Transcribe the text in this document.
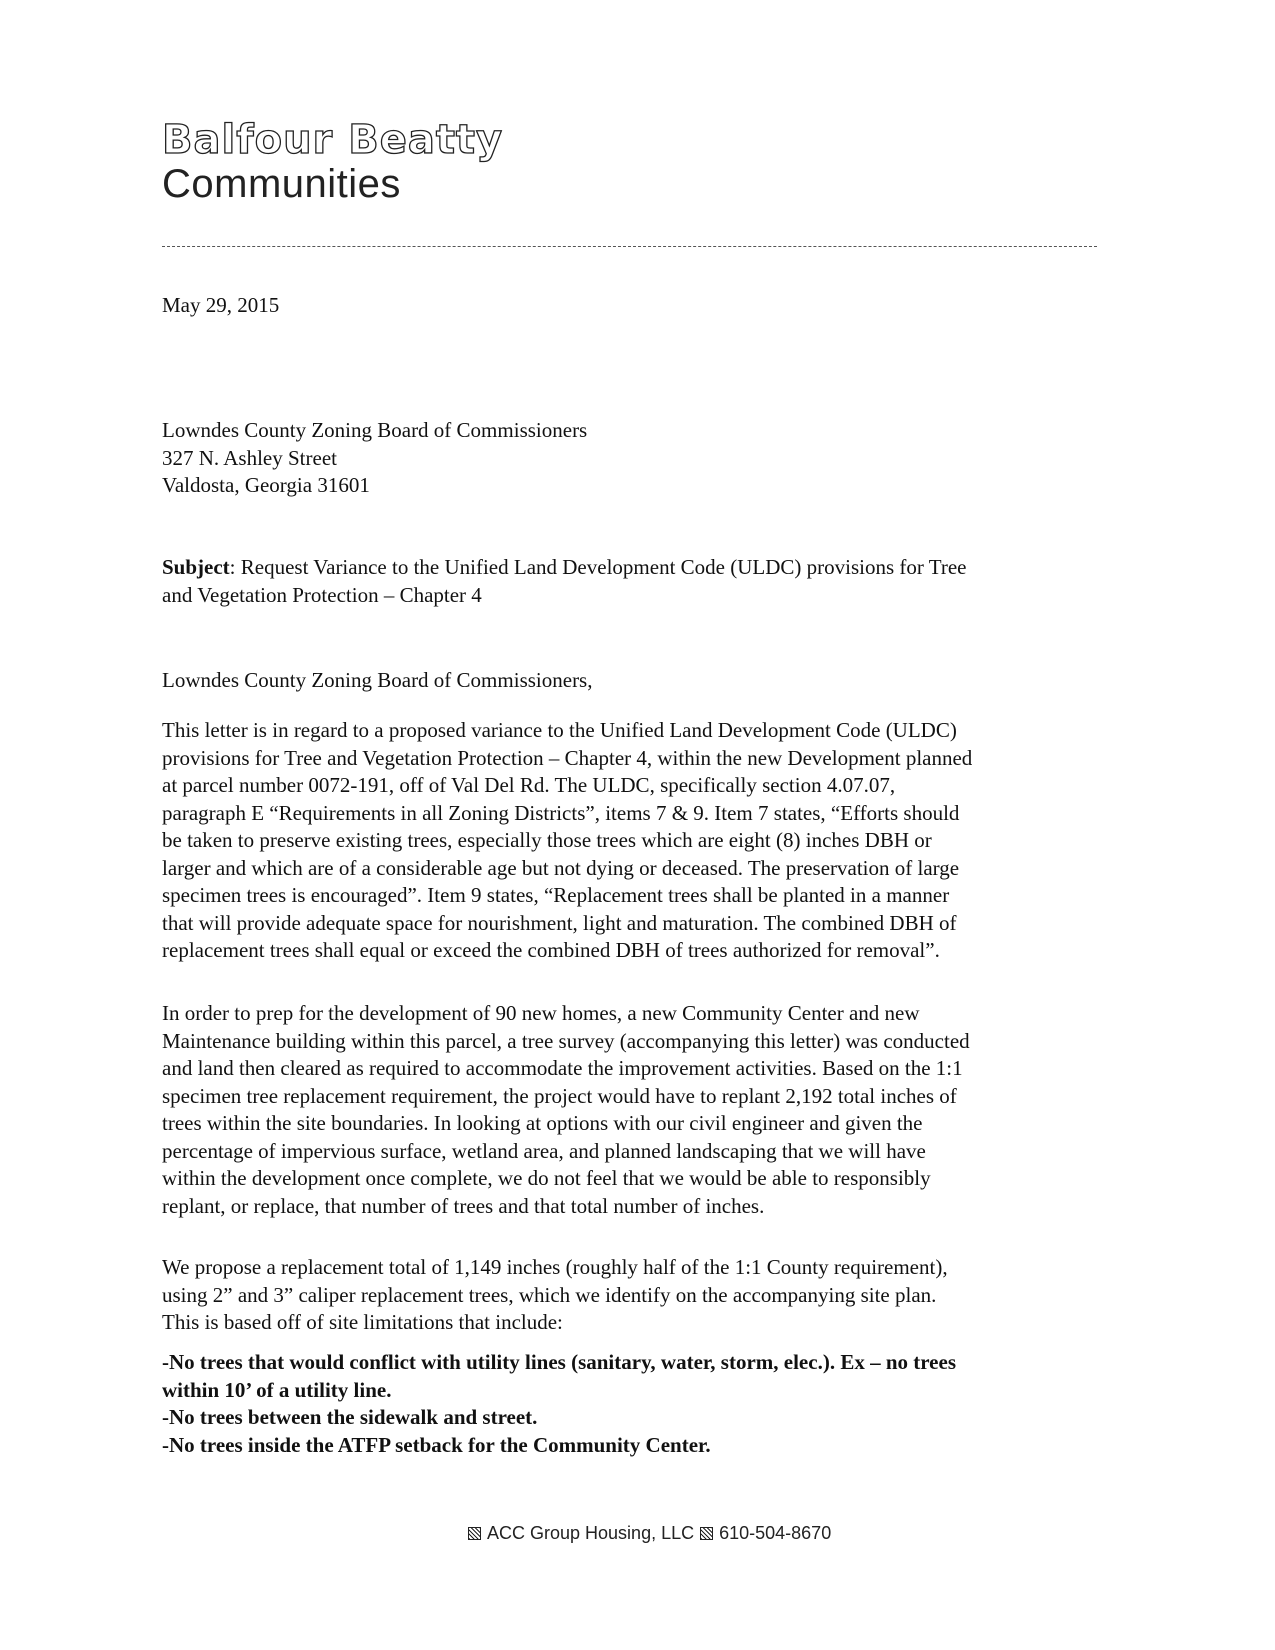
Balfour Beatty
Communities
May 29, 2015
Lowndes County Zoning Board of Commissioners
327 N. Ashley Street
Valdosta, Georgia 31601
Subject: Request Variance to the Unified Land Development Code (ULDC) provisions for Tree
and Vegetation Protection – Chapter 4
Lowndes County Zoning Board of Commissioners,
This letter is in regard to a proposed variance to the Unified Land Development Code (ULDC)
provisions for Tree and Vegetation Protection – Chapter 4, within the new Development planned
at parcel number 0072-191, off of Val Del Rd. The ULDC, specifically section 4.07.07,
paragraph E “Requirements in all Zoning Districts”, items 7 & 9. Item 7 states, “Efforts should
be taken to preserve existing trees, especially those trees which are eight (8) inches DBH or
larger and which are of a considerable age but not dying or deceased. The preservation of large
specimen trees is encouraged”. Item 9 states, “Replacement trees shall be planted in a manner
that will provide adequate space for nourishment, light and maturation. The combined DBH of
replacement trees shall equal or exceed the combined DBH of trees authorized for removal”.
In order to prep for the development of 90 new homes, a new Community Center and new
Maintenance building within this parcel, a tree survey (accompanying this letter) was conducted
and land then cleared as required to accommodate the improvement activities. Based on the 1:1
specimen tree replacement requirement, the project would have to replant 2,192 total inches of
trees within the site boundaries. In looking at options with our civil engineer and given the
percentage of impervious surface, wetland area, and planned landscaping that we will have
within the development once complete, we do not feel that we would be able to responsibly
replant, or replace, that number of trees and that total number of inches.
We propose a replacement total of 1,149 inches (roughly half of the 1:1 County requirement),
using 2” and 3” caliper replacement trees, which we identify on the accompanying site plan.
This is based off of site limitations that include:
-No trees that would conflict with utility lines (sanitary, water, storm, elec.). Ex – no trees
within 10’ of a utility line.
-No trees between the sidewalk and street.
-No trees inside the ATFP setback for the Community Center.
ACC Group Housing, LLC 610-504-8670
